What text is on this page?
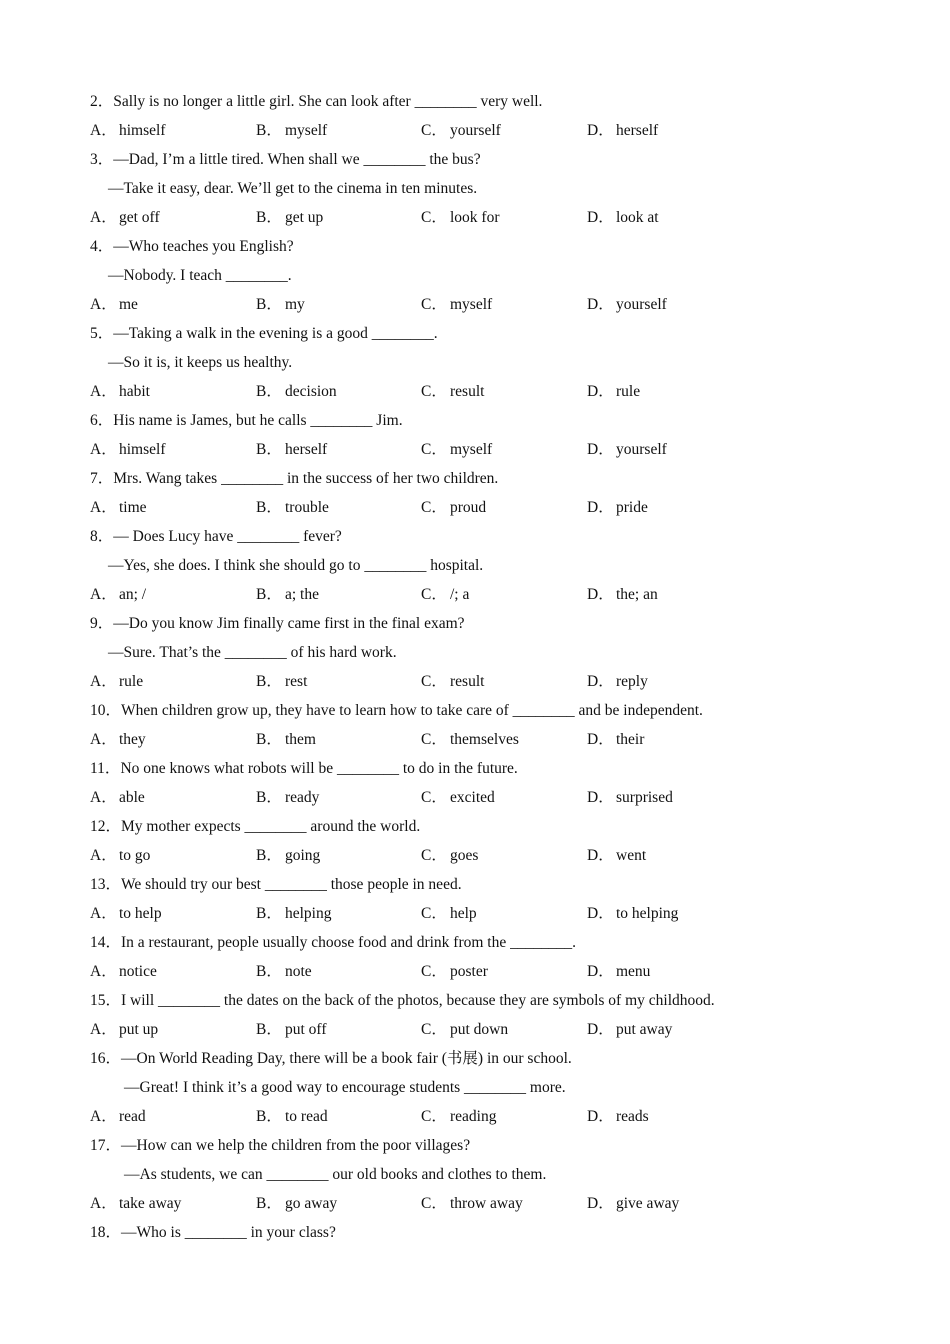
2．Sally is no longer a little girl. She can look after ________ very well.
A． himself	B． myself	C． yourself	D． herself
3．—Dad, I’m a little tired. When shall we ________ the bus?
—Take it easy, dear. We’ll get to the cinema in ten minutes.
A． get off	B． get up	C． look for	D． look at
4．—Who teaches you English?
—Nobody. I teach ________.
A． me	B． my	C． myself	D． yourself
5．—Taking a walk in the evening is a good ________.
—So it is, it keeps us healthy.
A． habit	B． decision	C． result	D． rule
6．His name is James, but he calls ________ Jim.
A． himself	B． herself	C． myself	D． yourself
7．Mrs. Wang takes ________ in the success of her two children.
A． time	B． trouble	C． proud	D． pride
8．— Does Lucy have ________ fever?
—Yes, she does. I think she should go to ________ hospital.
A． an; /	B． a; the	C． /; a	D． the; an
9．—Do you know Jim finally came first in the final exam?
—Sure. That’s the ________ of his hard work.
A． rule	B． rest	C． result	D． reply
10．When children grow up, they have to learn how to take care of ________ and be independent.
A． they	B． them	C． themselves	D． their
11．No one knows what robots will be ________ to do in the future.
A． able	B． ready	C． excited	D． surprised
12．My mother expects ________ around the world.
A． to go	B． going	C． goes	D． went
13．We should try our best ________ those people in need.
A． to help	B． helping	C． help	D． to helping
14．In a restaurant, people usually choose food and drink from the ________.
A． notice	B． note	C． poster	D． menu
15．I will ________ the dates on the back of the photos, because they are symbols of my childhood.
A． put up	B． put off	C． put down	D． put away
16．—On World Reading Day, there will be a book fair (书展) in our school.
—Great! I think it’s a good way to encourage students ________ more.
A． read	B． to read	C． reading	D． reads
17．—How can we help the children from the poor villages?
—As students, we can ________ our old books and clothes to them.
A． take away	B． go away	C． throw away	D． give away
18．—Who is ________ in your class?
